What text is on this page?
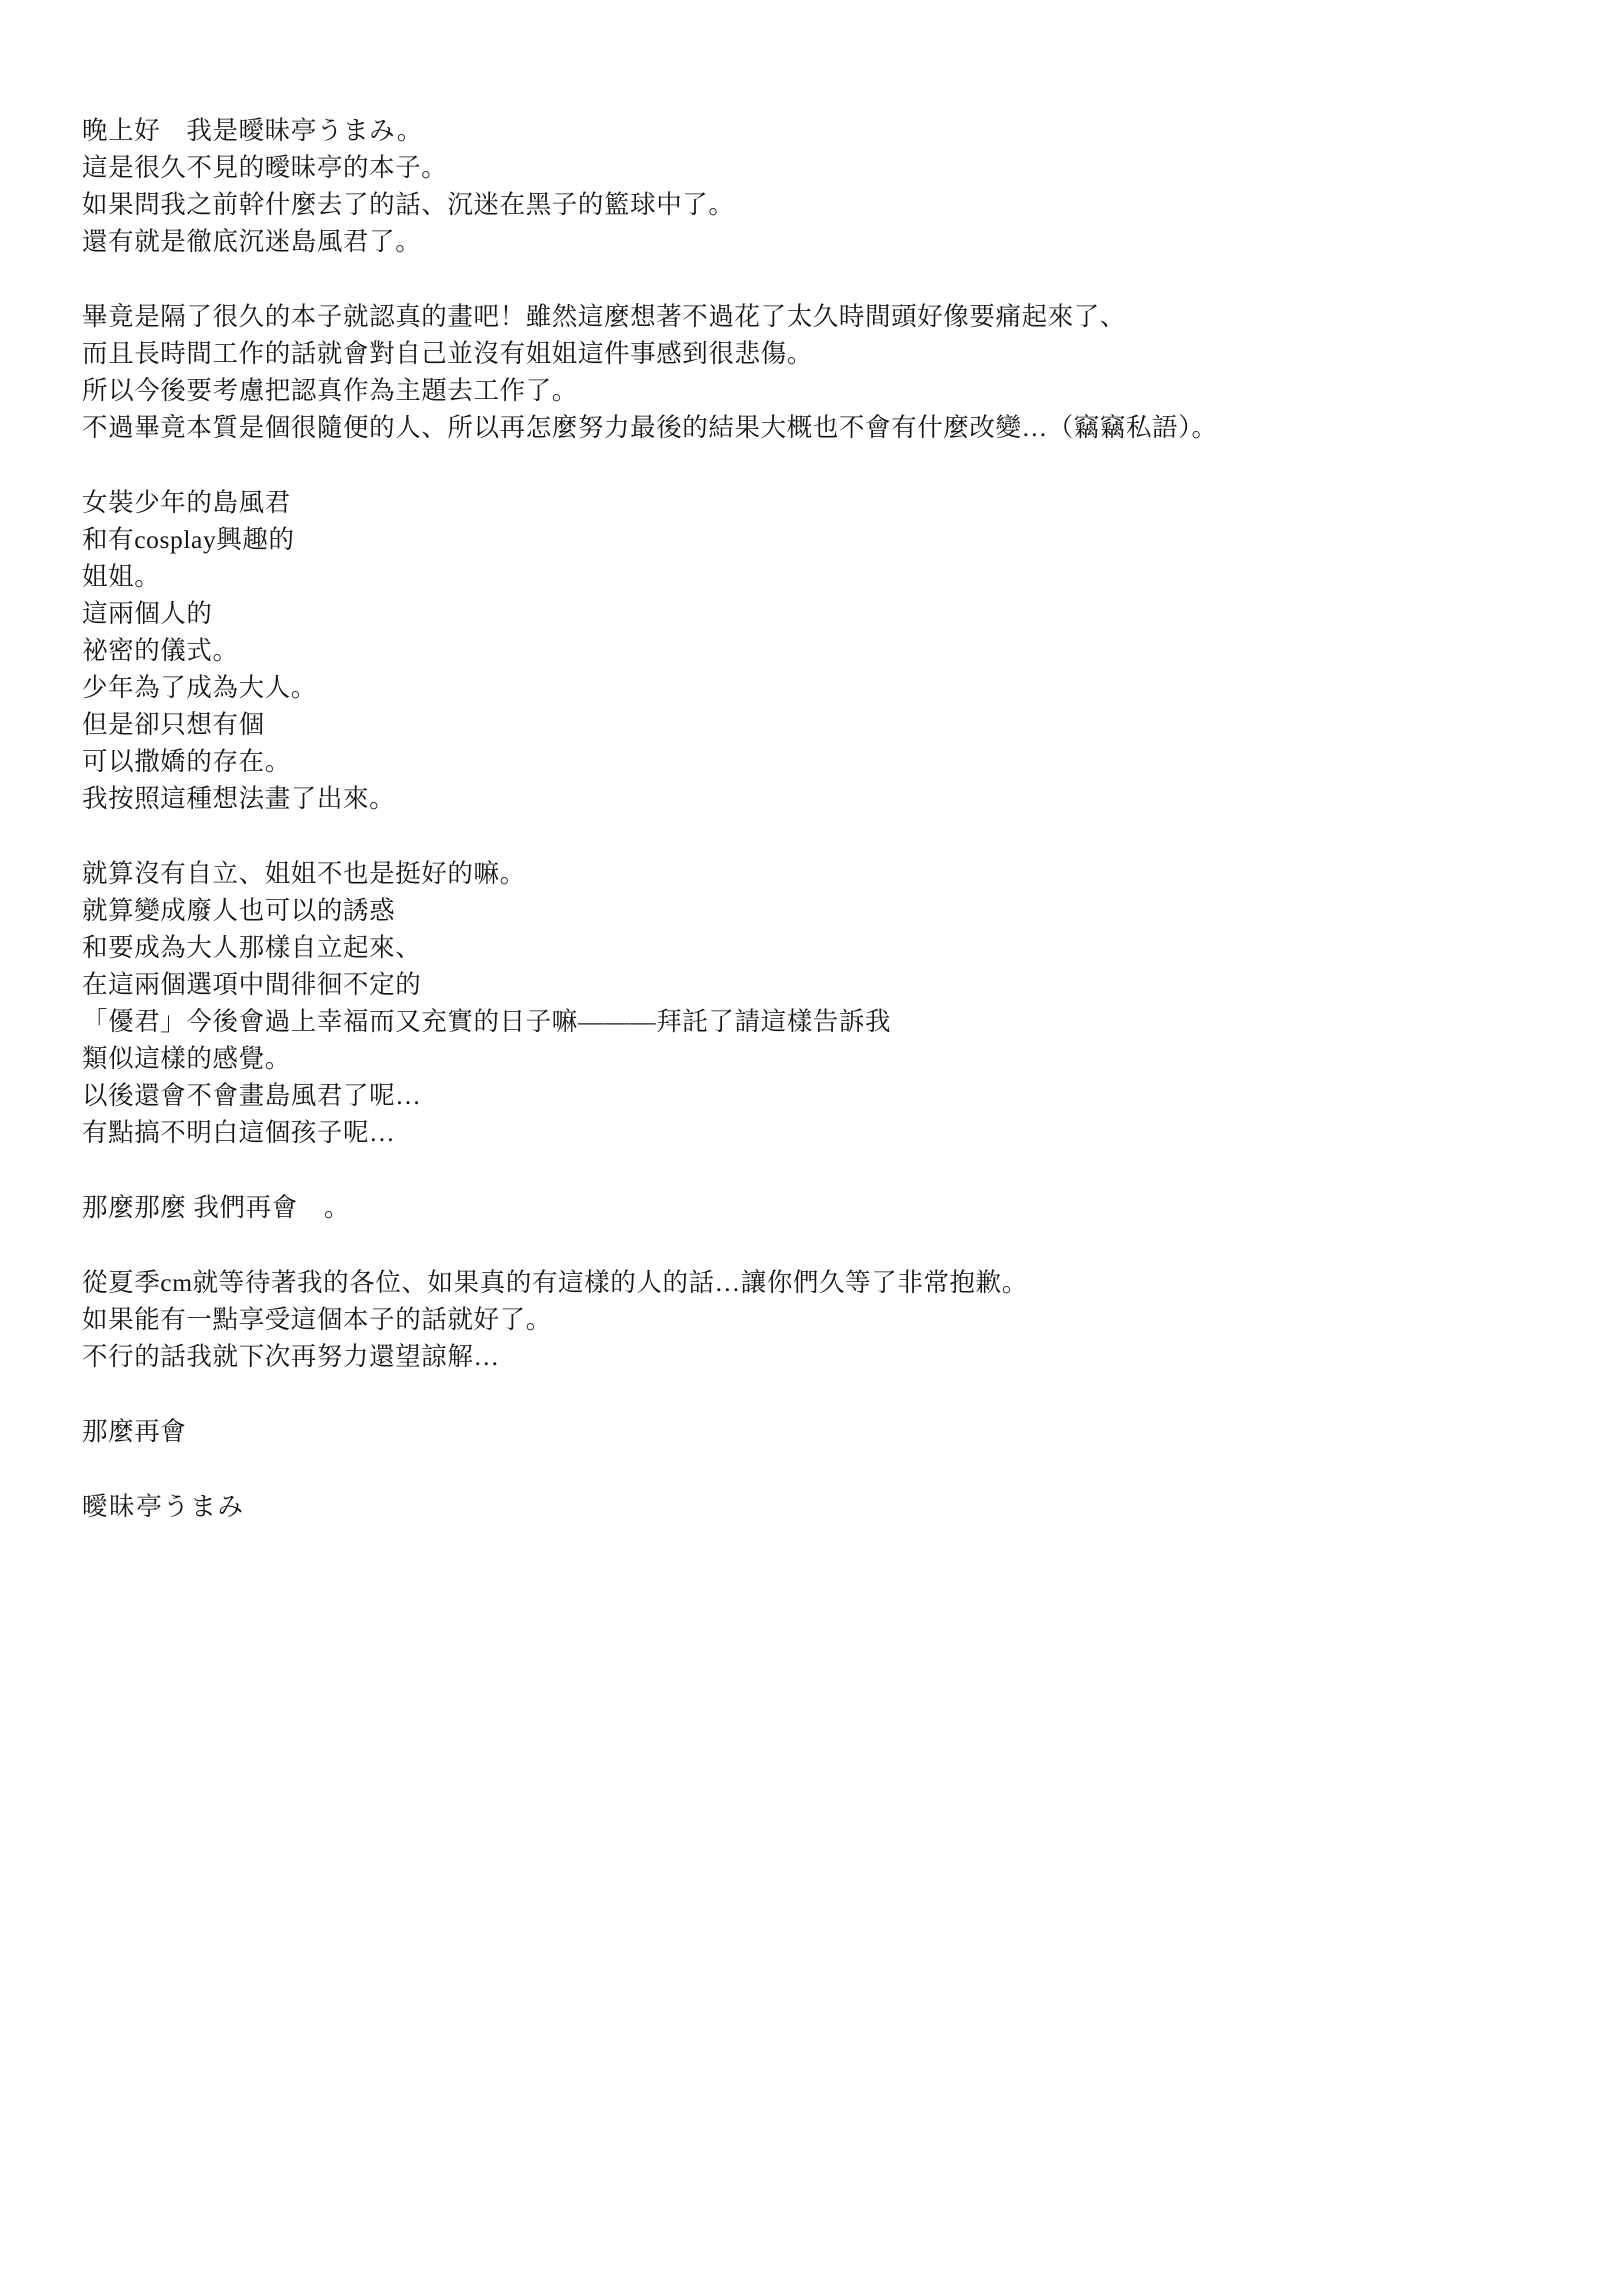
晚上好　我是曖昧亭うまみ。
這是很久不見的曖昧亭的本子。
如果問我之前幹什麼去了的話、沉迷在黑子的籃球中了。
還有就是徹底沉迷島風君了。
畢竟是隔了很久的本子就認真的畫吧！雖然這麼想著不過花了太久時間頭好像要痛起來了、
而且長時間工作的話就會對自己並沒有姐姐這件事感到很悲傷。
所以今後要考慮把認真作為主題去工作了。
不過畢竟本質是個很隨便的人、所以再怎麼努力最後的結果大概也不會有什麼改變…（竊竊私語）。
女裝少年的島風君
和有cosplay興趣的
姐姐。
這兩個人的
祕密的儀式。
少年為了成為大人。
但是卻只想有個
可以撒嬌的存在。
我按照這種想法畫了出來。
就算沒有自立、姐姐不也是挺好的嘛。
就算變成廢人也可以的誘惑
和要成為大人那樣自立起來、
在這兩個選項中間徘徊不定的
「優君」今後會過上幸福而又充實的日子嘛———拜託了請這樣告訴我
類似這樣的感覺。
以後還會不會畫島風君了呢…
有點搞不明白這個孩子呢…
那麼那麼 我們再會　。
從夏季cm就等待著我的各位、如果真的有這樣的人的話…讓你們久等了非常抱歉。
如果能有一點享受這個本子的話就好了。
不行的話我就下次再努力還望諒解…
那麼再會
曖昧亭うまみ
